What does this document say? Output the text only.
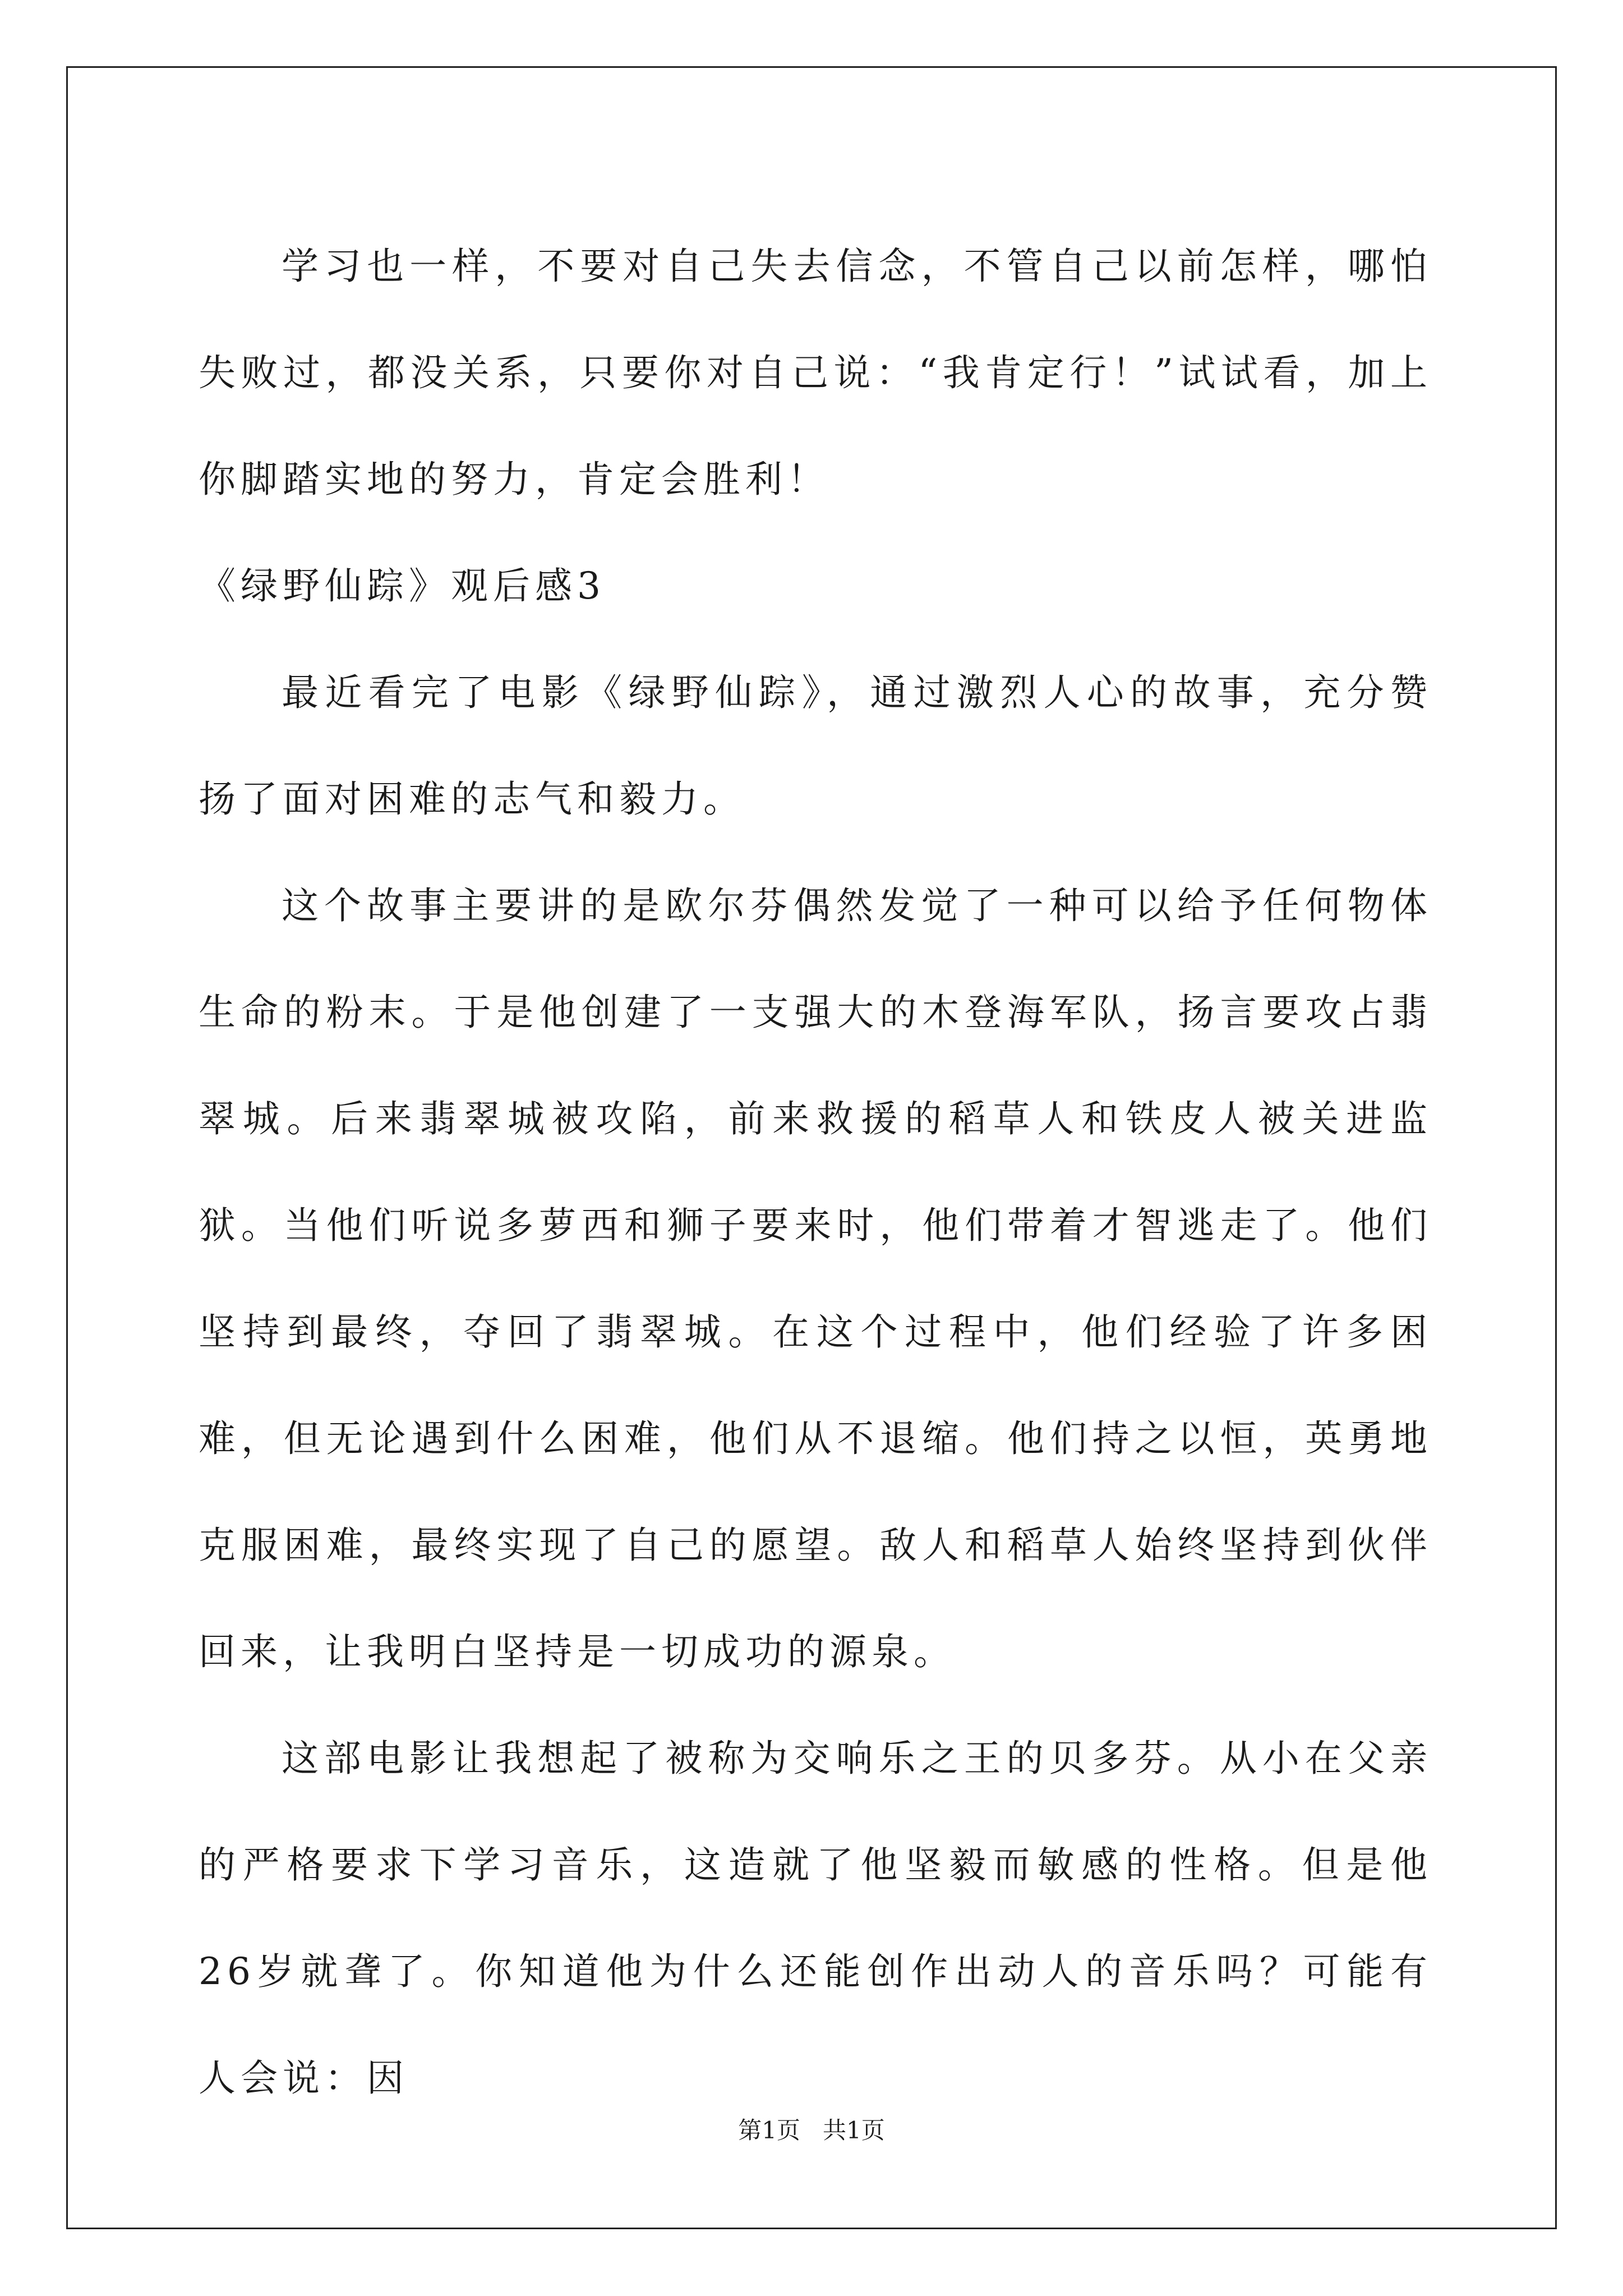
学习也一样，不要对自己失去信念，不管自己以前怎样，哪怕失败过，都没关系，只要你对自己说：“我肯定行！”试试看，加上你脚踏实地的努力，肯定会胜利！

《绿野仙踪》观后感3

最近看完了电影《绿野仙踪》，通过激烈人心的故事，充分赞扬了面对困难的志气和毅力。

这个故事主要讲的是欧尔芬偶然发觉了一种可以给予任何物体生命的粉末。于是他创建了一支强大的木登海军队，扬言要攻占翡翠城。后来翡翠城被攻陷，前来救援的稻草人和铁皮人被关进监狱。当他们听说多萝西和狮子要来时，他们带着才智逃走了。他们坚持到最终，夺回了翡翠城。在这个过程中，他们经验了许多困难，但无论遇到什么困难，他们从不退缩。他们持之以恒，英勇地克服困难，最终实现了自己的愿望。敌人和稻草人始终坚持到伙伴回来，让我明白坚持是一切成功的源泉。

这部电影让我想起了被称为交响乐之王的贝多芬。从小在父亲的严格要求下学习音乐，这造就了他坚毅而敏感的性格。但是他26岁就聋了。你知道他为什么还能创作出动人的音乐吗？可能有人会说：因

第1页 共1页
